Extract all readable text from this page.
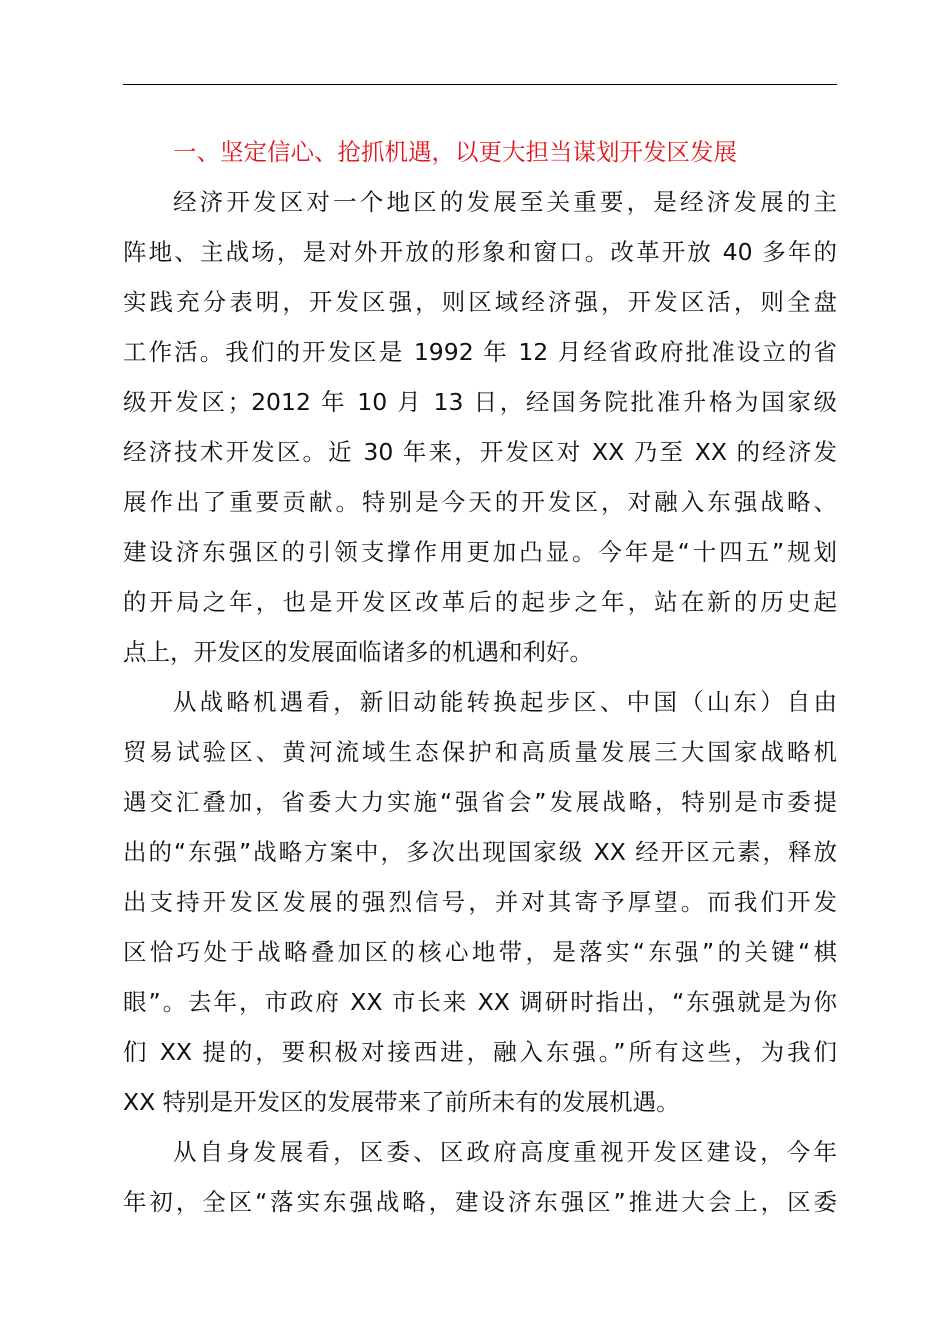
一、坚定信心、抢抓机遇，以更大担当谋划开发区发展

经济开发区对一个地区的发展至关重要，是经济发展的主
阵地、主战场，是对外开放的形象和窗口。改革开放 40 多年的
实践充分表明，开发区强，则区域经济强，开发区活，则全盘
工作活。我们的开发区是 1992 年 12 月经省政府批准设立的省
级开发区；2012 年 10 月 13 日，经国务院批准升格为国家级
经济技术开发区。近 30 年来，开发区对 XX 乃至 XX 的经济发
展作出了重要贡献。特别是今天的开发区，对融入东强战略、
建设济东强区的引领支撑作用更加凸显。今年是“十四五”规划
的开局之年，也是开发区改革后的起步之年，站在新的历史起
点上，开发区的发展面临诸多的机遇和利好。

从战略机遇看，新旧动能转换起步区、中国（山东）自由
贸易试验区、黄河流域生态保护和高质量发展三大国家战略机
遇交汇叠加，省委大力实施“强省会”发展战略，特别是市委提
出的“东强”战略方案中，多次出现国家级 XX 经开区元素，释放
出支持开发区发展的强烈信号，并对其寄予厚望。而我们开发
区恰巧处于战略叠加区的核心地带，是落实“东强”的关键“棋
眼”。去年，市政府 XX 市长来 XX 调研时指出，“东强就是为你
们 XX 提的，要积极对接西进，融入东强。”所有这些，为我们
XX 特别是开发区的发展带来了前所未有的发展机遇。

从自身发展看，区委、区政府高度重视开发区建设，今年
年初，全区“落实东强战略，建设济东强区”推进大会上，区委
